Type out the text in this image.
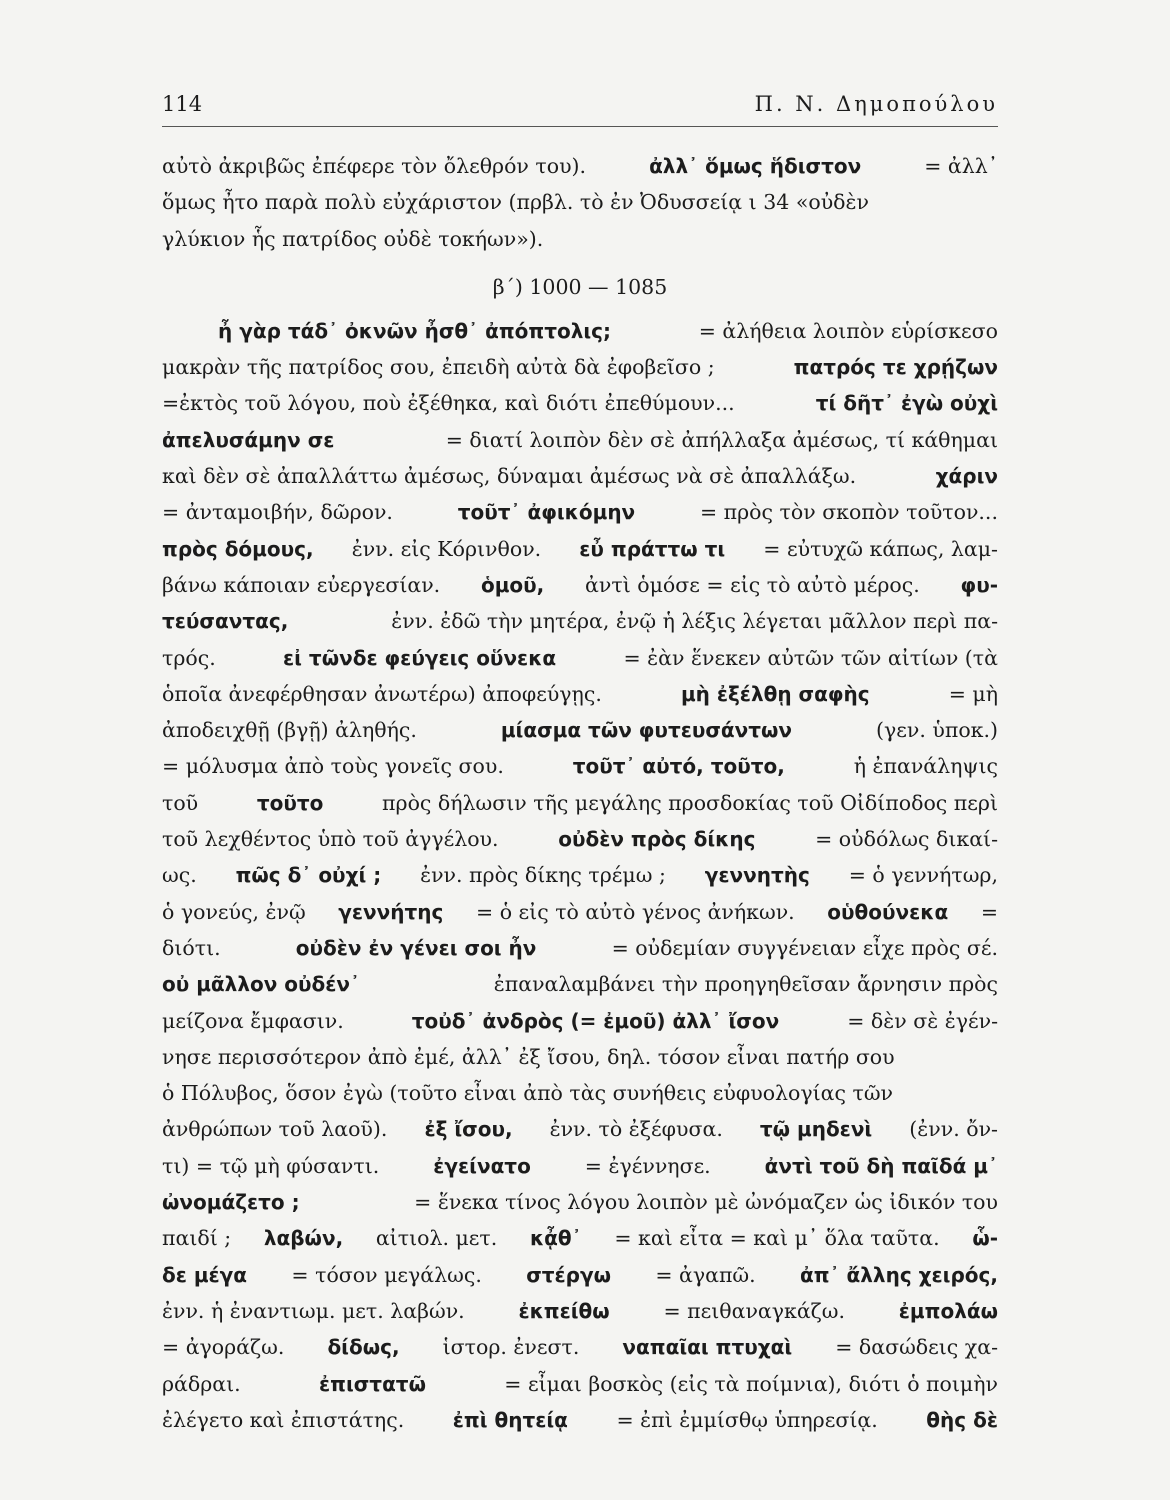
114	Π. Ν. Δημοπούλου
αὐτὸ ἀκριβῶς ἐπέφερε τὸν ὄλεθρόν του).	ἀλλ᾽ ὅμως ἥδιστον	= ἀλλ᾽
ὅμως ἦτο παρὰ πολὺ εὐχάριστον (πρβλ. τὸ ἐν Ὀδυσσείᾳ ι 34 «οὐδὲν
γλύκιον ἧς πατρίδος οὐδὲ τοκήων»).
β΄) 1000 — 1085
ἦ γὰρ τάδ᾽ ὀκνῶν ἦσθ᾽ ἀπόπτολις;	= ἀλήθεια λοιπὸν εὑρίσκεσο
μακρὰν τῆς πατρίδος σου, ἐπειδὴ αὐτὰ δὰ ἐφοβεῖσο ;	πατρός τε χρῄζων
=ἐκτὸς τοῦ λόγου, ποὺ ἐξέθηκα, καὶ διότι ἐπεθύμουν...	τί δῆτ᾽ ἐγὼ οὐχὶ
ἀπελυσάμην σε	= διατί λοιπὸν δὲν σὲ ἀπήλλαξα ἀμέσως, τί κάθημαι
καὶ δὲν σὲ ἀπαλλάττω ἀμέσως, δύναμαι ἀμέσως νὰ σὲ ἀπαλλάξω.	χάριν
= ἀνταμοιβήν, δῶρον.	τοῦτ᾽ ἀφικόμην	= πρὸς τὸν σκοπὸν τοῦτον...
πρὸς δόμους, ἐνν. εἰς Κόρινθον. εὖ πράττω τι = εὐτυχῶ κάπως, λαμ-
βάνω κάποιαν εὐεργεσίαν. ὁμοῦ, ἀντὶ ὁμόσε = εἰς τὸ αὐτὸ μέρος. φυ-
τεύσαντας,	ἐνν. ἐδῶ τὴν μητέρα, ἐνῷ ἡ λέξις λέγεται μᾶλλον περὶ πα-
τρός.	εἰ τῶνδε φεύγεις οὕνεκα	= ἐὰν ἕνεκεν αὐτῶν τῶν αἰτίων (τὰ
ὁποῖα ἀνεφέρθησαν ἀνωτέρω) ἀποφεύγῃς.	μὴ ἐξέλθῃ σαφὴς	= μὴ
ἀποδειχθῇ (βγῇ) ἀληθής.	μίασμα τῶν φυτευσάντων	(γεν. ὑποκ.)
= μόλυσμα ἀπὸ τοὺς γονεῖς σου.	τοῦτ᾽ αὐτό, τοῦτο,	ἡ ἐπανάληψις
τοῦ	τοῦτο	πρὸς δήλωσιν τῆς μεγάλης προσδοκίας τοῦ Οἰδίποδος περὶ
τοῦ λεχθέντος ὑπὸ τοῦ ἀγγέλου.	οὐδὲν πρὸς δίκης	= οὐδόλως δικαί-
ως. πῶς δ᾽ οὐχί ; ἐνν. πρὸς δίκης τρέμω ; γεννητὴς = ὁ γεννήτωρ,
ὁ γονεύς, ἐνῷ γεννήτης = ὁ εἰς τὸ αὐτὸ γένος ἀνήκων. οὑθούνεκα =
διότι.	οὐδὲν ἐν γένει σοι ἦν	= οὐδεμίαν συγγένειαν εἶχε πρὸς σέ.
οὐ μᾶλλον οὐδέν᾽	ἐπαναλαμβάνει τὴν προηγηθεῖσαν ἄρνησιν πρὸς
μείζονα ἔμφασιν.	τοὐδ᾽ ἀνδρὸς (= ἐμοῦ) ἀλλ᾽ ἴσον	= δὲν σὲ ἐγέν-
νησε περισσότερον ἀπὸ ἐμέ, ἀλλ᾽ ἐξ ἴσου, δηλ. τόσον εἶναι πατήρ σου
ὁ Πόλυβος, ὅσον ἐγὼ (τοῦτο εἶναι ἀπὸ τὰς συνήθεις εὐφυολογίας τῶν
ἀνθρώπων τοῦ λαοῦ). ἐξ ἴσου, ἐνν. τὸ ἐξέφυσα. τῷ μηδενὶ (ἐνν. ὄν-
τι) = τῷ μὴ φύσαντι.	ἐγείνατο	= ἐγέννησε.	ἀντὶ τοῦ δὴ παῖδά μ᾽
ὠνομάζετο ;	= ἕνεκα τίνος λόγου λοιπὸν μὲ ὠνόμαζεν ὡς ἰδικόν του
παιδί ; λαβών, αἰτιολ. μετ. κᾆθ᾽ = καὶ εἶτα = καὶ μ᾽ ὅλα ταῦτα. ὧ-
δε μέγα = τόσον μεγάλως. στέργω = ἀγαπῶ. ἀπ᾽ ἄλλης χειρός,
ἐνν. ἡ ἐναντιωμ. μετ. λαβών.	ἐκπείθω	= πειθαναγκάζω.	ἐμπολάω
= ἀγοράζω. δίδως, ἱστορ. ἐνεστ. ναπαῖαι πτυχαὶ = δασώδεις χα-
ράδραι.	ἐπιστατῶ	= εἶμαι βοσκὸς (εἰς τὰ ποίμνια), διότι ὁ ποιμὴν
ἐλέγετο καὶ ἐπιστάτης. ἐπὶ θητείᾳ = ἐπὶ ἐμμίσθῳ ὑπηρεσίᾳ. θὴς δὲ
